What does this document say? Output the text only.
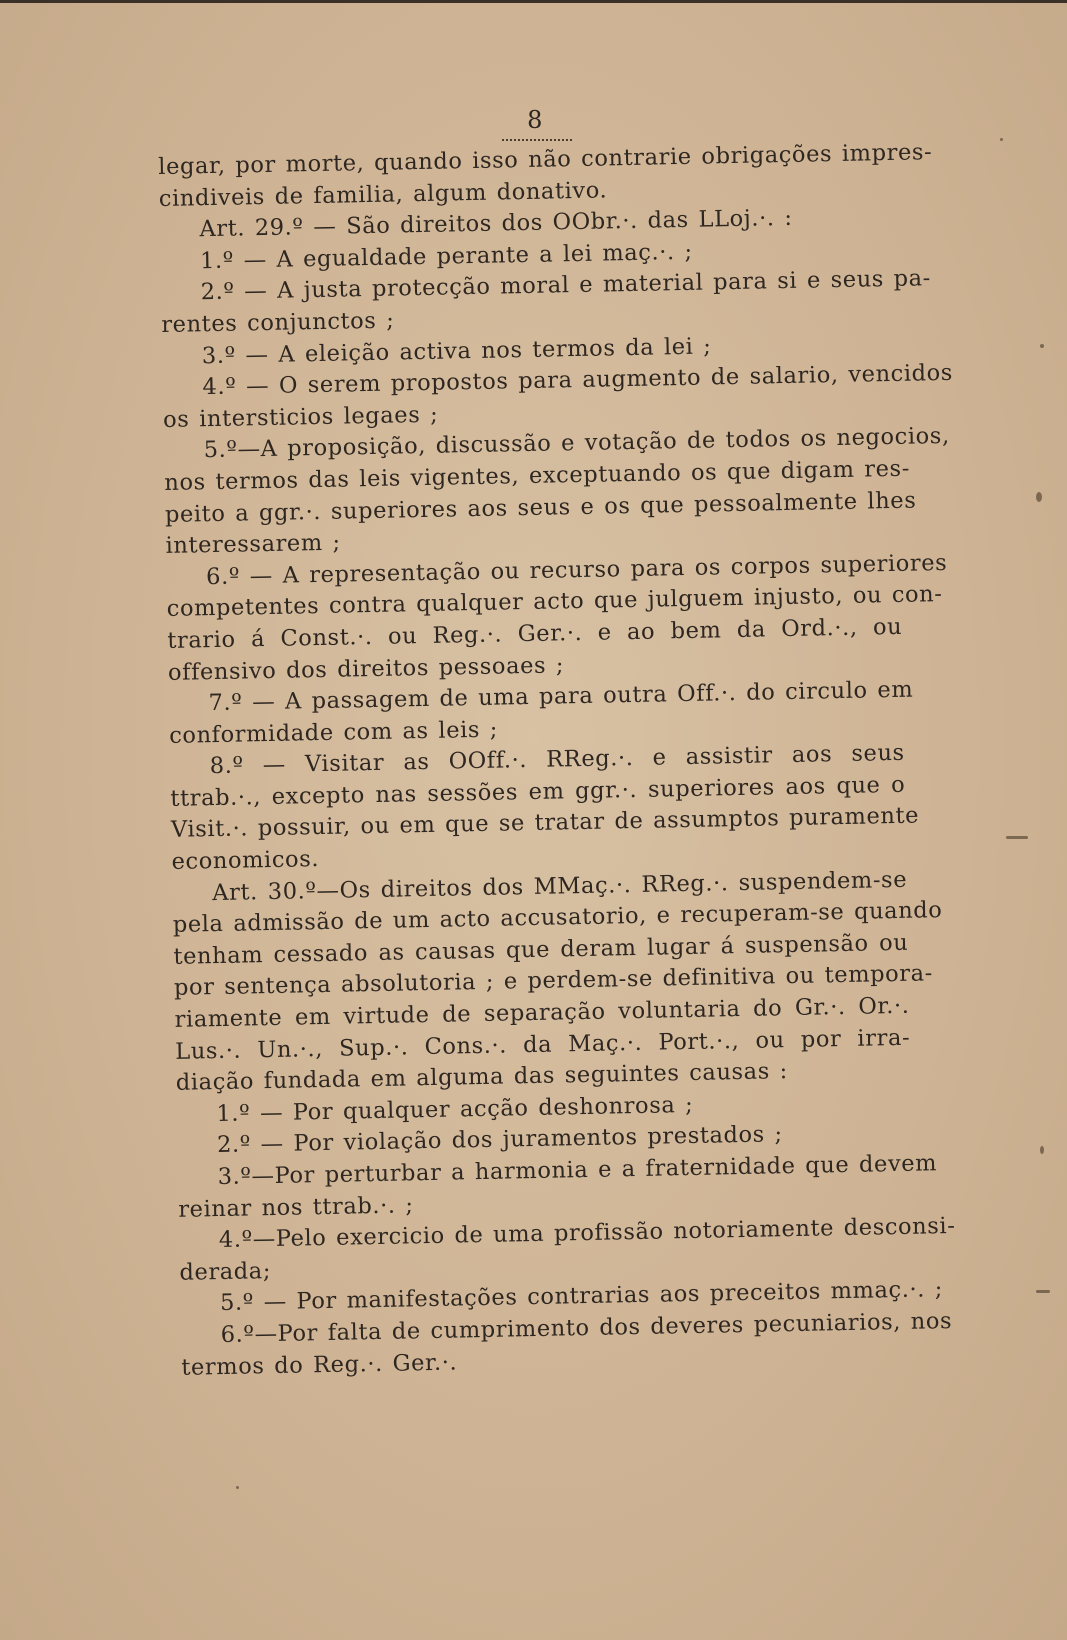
8
legar, por morte, quando isso não contrarie obrigações impres-
cindiveis de familia, algum donativo.
Art. 29.º — São direitos dos OObr.·. das LLoj.·. :
1.º — A egualdade perante a lei maç.·. ;
2.º — A justa protecção moral e material para si e seus pa-
rentes conjunctos ;
3.º — A eleição activa nos termos da lei ;
4.º — O serem propostos para augmento de salario, vencidos
os intersticios legaes ;
5.º—A proposição, discussão e votação de todos os negocios,
nos termos das leis vigentes, exceptuando os que digam res-
peito a ggr.·. superiores aos seus e os que pessoalmente lhes
interessarem ;
6.º — A representação ou recurso para os corpos superiores
competentes contra qualquer acto que julguem injusto, ou con-
trario á Const.·. ou Reg.·. Ger.·. e ao bem da Ord.·., ou
offensivo dos direitos pessoaes ;
7.º — A passagem de uma para outra Off.·. do circulo em
conformidade com as leis ;
8.º — Visitar as OOff.·. RReg.·. e assistir aos seus
ttrab.·., excepto nas sessões em ggr.·. superiores aos que o
Visit.·. possuir, ou em que se tratar de assumptos puramente
economicos.
Art. 30.º—Os direitos dos MMaç.·. RReg.·. suspendem-se
pela admissão de um acto accusatorio, e recuperam-se quando
tenham cessado as causas que deram lugar á suspensão ou
por sentença absolutoria ; e perdem-se definitiva ou tempora-
riamente em virtude de separação voluntaria do Gr.·. Or.·.
Lus.·. Un.·., Sup.·. Cons.·. da Maç.·. Port.·., ou por irra-
diação fundada em alguma das seguintes causas :
1.º — Por qualquer acção deshonrosa ;
2.º — Por violação dos juramentos prestados ;
3.º—Por perturbar a harmonia e a fraternidade que devem
reinar nos ttrab.·. ;
4.º—Pelo exercicio de uma profissão notoriamente desconsi-
derada;
5.º — Por manifestações contrarias aos preceitos mmaç.·. ;
6.º—Por falta de cumprimento dos deveres pecuniarios, nos
termos do Reg.·. Ger.·.
